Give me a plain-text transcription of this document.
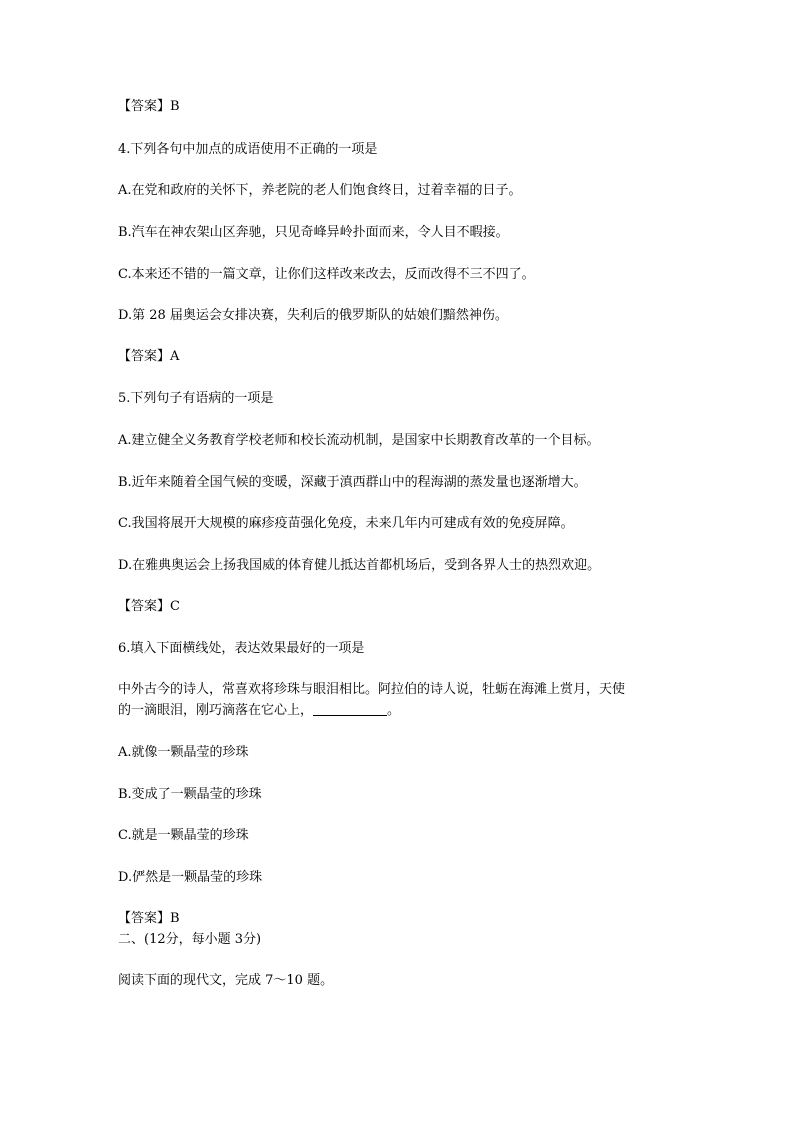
【答案】B
4.下列各句中加点的成语使用不正确的一项是
A.在党和政府的关怀下，养老院的老人们饱食终日，过着幸福的日子。
B.汽车在神农架山区奔驰，只见奇峰异岭扑面而来，令人目不暇接。
C.本来还不错的一篇文章，让你们这样改来改去，反而改得不三不四了。
D.第 28 届奥运会女排决赛，失利后的俄罗斯队的姑娘们黯然神伤。
【答案】A
5.下列句子有语病的一项是
A.建立健全义务教育学校老师和校长流动机制，是国家中长期教育改革的一个目标。
B.近年来随着全国气候的变暖，深藏于滇西群山中的程海湖的蒸发量也逐渐增大。
C.我国将展开大规模的麻疹疫苗强化免疫，未来几年内可建成有效的免疫屏障。
D.在雅典奥运会上扬我国威的体育健儿抵达首都机场后，受到各界人士的热烈欢迎。
【答案】C
6.填入下面横线处，表达效果最好的一项是
中外古今的诗人，常喜欢将珍珠与眼泪相比。阿拉伯的诗人说，牡蛎在海滩上赏月，天使
的一滴眼泪，刚巧滴落在它心上，	。
A.就像一颗晶莹的珍珠
B.变成了一颗晶莹的珍珠
C.就是一颗晶莹的珍珠
D.俨然是一颗晶莹的珍珠
【答案】B
二、(12分，每小题 3分)
阅读下面的现代文，完成 7～10 题。
